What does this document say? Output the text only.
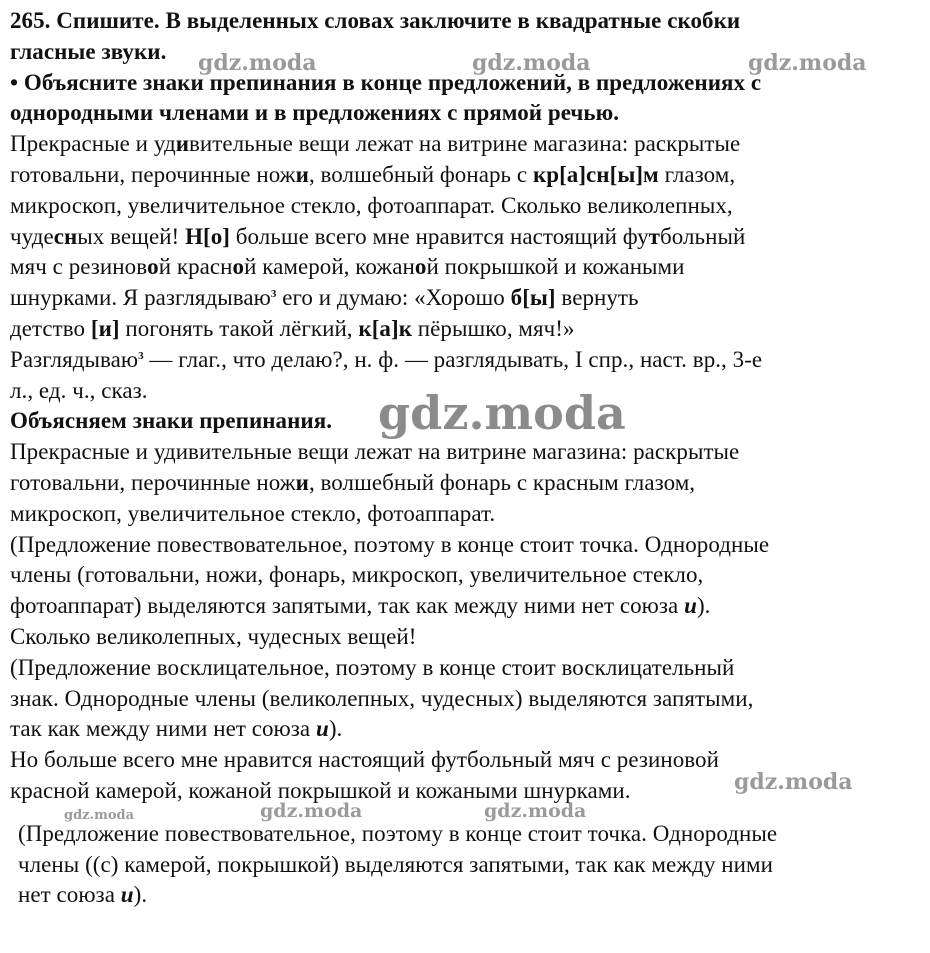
265. Спишите. В выделенных словах заключите в квадратные скобки
гласные звуки.
• Объясните знаки препинания в конце предложений, в предложениях с
однородными членами и в предложениях с прямой речью.
Прекрасные и удивительные вещи лежат на витрине магазина: раскрытые
готовальни, перочинные ножи, волшебный фонарь с кр[а]сн[ы]м глазом,
микроскоп, увеличительное стекло, фотоаппарат. Сколько великолепных,
чудесных вещей! Н[о] больше всего мне нравится настоящий футбольный
мяч с резиновой красной камерой, кожаной покрышкой и кожаными
шнурками. Я разглядываю$^3$ его и думаю: «Хорошо б[ы] вернуть
детство [и] погонять такой лёгкий, к[а]к пёрышко, мяч!»
Разглядываю$^3$ — глаг., что делаю?, н. ф. — разглядывать, I спр., наст. вр., 3-е
л., ед. ч., сказ.
Объясняем знаки препинания.
Прекрасные и удивительные вещи лежат на витрине магазина: раскрытые
готовальни, перочинные ножи, волшебный фонарь с красным глазом,
микроскоп, увеличительное стекло, фотоаппарат.
(Предложение повествовательное, поэтому в конце стоит точка. Однородные
члены (готовальни, ножи, фонарь, микроскоп, увеличительное стекло,
фотоаппарат) выделяются запятыми, так как между ними нет союза и).
Сколько великолепных, чудесных вещей!
(Предложение восклицательное, поэтому в конце стоит восклицательный
знак. Однородные члены (великолепных, чудесных) выделяются запятыми,
так как между ними нет союза и).
Но больше всего мне нравится настоящий футбольный мяч с резиновой
красной камерой, кожаной покрышкой и кожаными шнурками.
(Предложение повествовательное, поэтому в конце стоит точка. Однородные
члены ((с) камерой, покрышкой) выделяются запятыми, так как между ними
нет союза и).
gdz.moda	gdz.moda	gdz.moda
gdz.moda
gdz.moda
gdz.moda	gdz.moda	gdz.moda
